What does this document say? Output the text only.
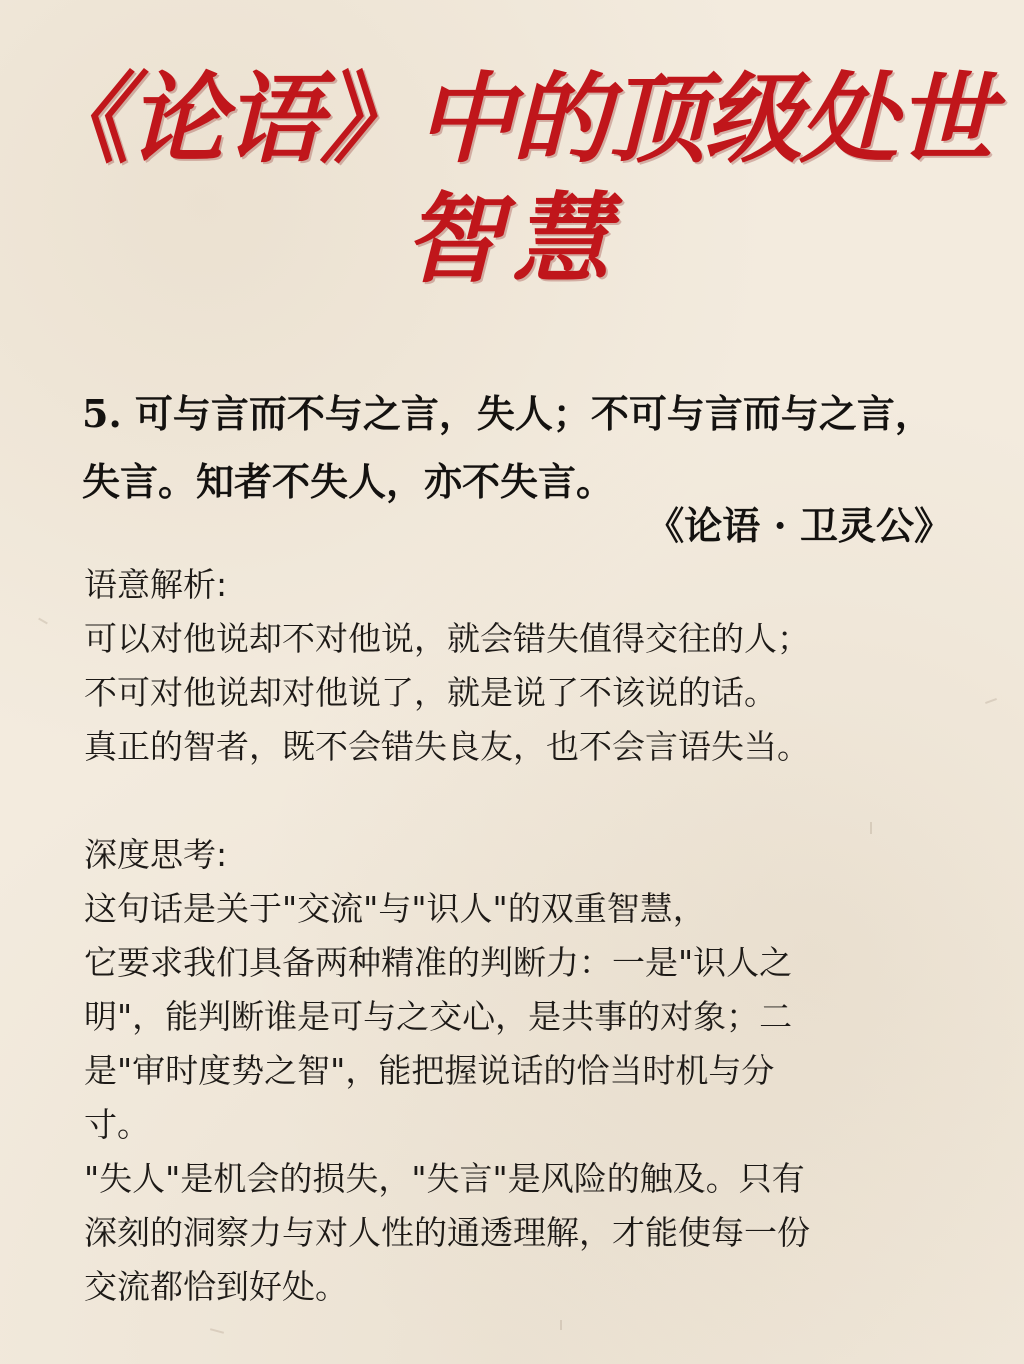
《论语》中的顶级处世
智慧
5. 可与言而不与之言，失人；不可与言而与之言，
失言。知者不失人，亦不失言。
《论语 · 卫灵公》
语意解析:
可以对他说却不对他说，就会错失值得交往的人；
不可对他说却对他说了，就是说了不该说的话。
真正的智者，既不会错失良友，也不会言语失当。
深度思考:
这句话是关于"交流"与"识人"的双重智慧，
它要求我们具备两种精准的判断力：一是"识人之
明"，能判断谁是可与之交心，是共事的对象；二
是"审时度势之智"，能把握说话的恰当时机与分
寸。
"失人"是机会的损失，"失言"是风险的触及。只有
深刻的洞察力与对人性的通透理解，才能使每一份
交流都恰到好处。
